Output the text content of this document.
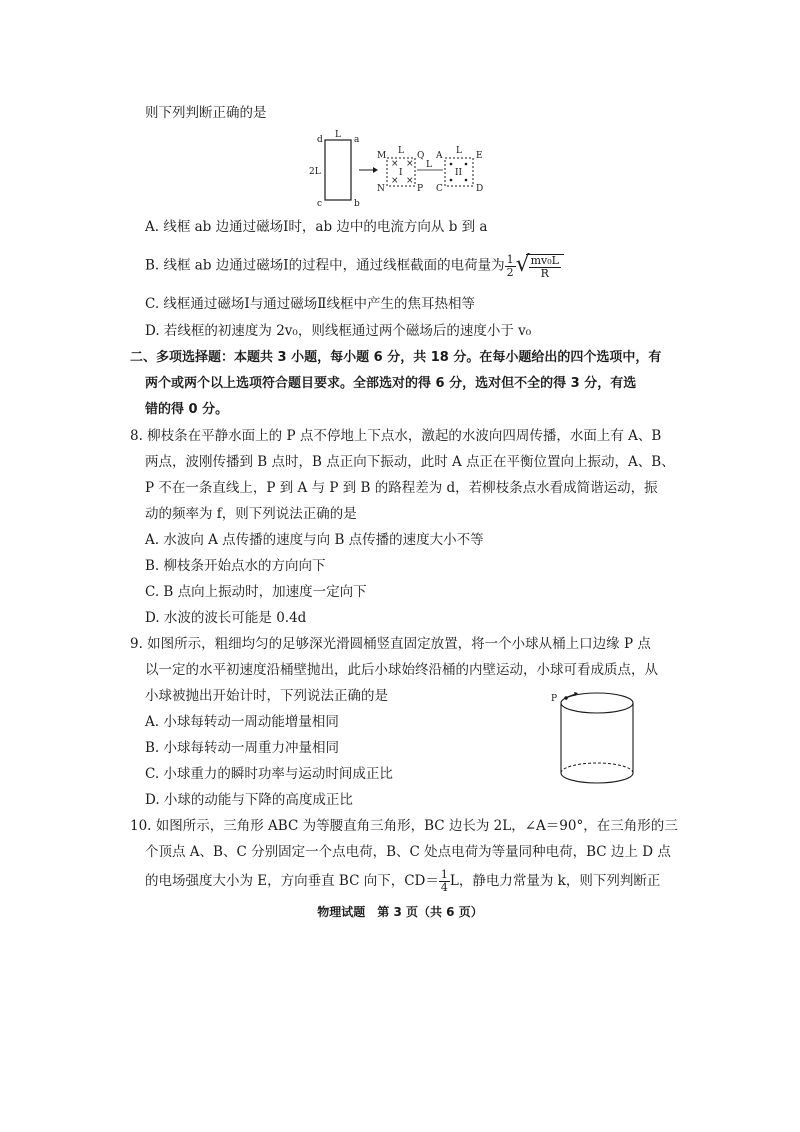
则下列判断正确的是
d	a
c	b
L
2L
M
N
Q
P
L
I
× ×
× ×
L
A
C
E
D
L
II
A. 线框 ab 边通过磁场Ⅰ时，ab 边中的电流方向从 b 到 a
B. 线框 ab 边通过磁场Ⅰ的过程中，通过线框截面的电荷量为 $\frac{1}{2}$ √
$\frac{\text{mv₀L}}{R}$
C. 线框通过磁场Ⅰ与通过磁场Ⅱ线框中产生的焦耳热相等
D. 若线框的初速度为 2v₀，则线框通过两个磁场后的速度小于 v₀
二、多项选择题：本题共 3 小题，每小题 6 分，共 18 分。在每小题给出的四个选项中，有
两个或两个以上选项符合题目要求。全部选对的得 6 分，选对但不全的得 3 分，有选
错的得 0 分。
8. 柳枝条在平静水面上的 P 点不停地上下点水，激起的水波向四周传播，水面上有 A、B
两点，波刚传播到 B 点时，B 点正向下振动，此时 A 点正在平衡位置向上振动，A、B、
P 不在一条直线上，P 到 A 与 P 到 B 的路程差为 d，若柳枝条点水看成简谐运动，振
动的频率为 f，则下列说法正确的是
A. 水波向 A 点传播的速度与向 B 点传播的速度大小不等
B. 柳枝条开始点水的方向向下
C. B 点向上振动时，加速度一定向下
D. 水波的波长可能是 0.4d
9. 如图所示，粗细均匀的足够深光滑圆桶竖直固定放置，将一个小球从桶上口边缘 P 点
以一定的水平初速度沿桶壁抛出，此后小球始终沿桶的内壁运动，小球可看成质点，从
小球被抛出开始计时，下列说法正确的是
A. 小球每转动一周动能增量相同
B. 小球每转动一周重力冲量相同
C. 小球重力的瞬时功率与运动时间成正比
D. 小球的动能与下降的高度成正比
P
10. 如图所示，三角形 ABC 为等腰直角三角形，BC 边长为 2L，∠A＝90°，在三角形的三
个顶点 A、B、C 分别固定一个点电荷，B、C 处点电荷为等量同种电荷，BC 边上 D 点
的电场强度大小为 E，方向垂直 BC 向下，$CD= \frac{1}{4}$ L，静电力常量为 k，则下列判断正
物理试题　第 3 页（共 6 页）
